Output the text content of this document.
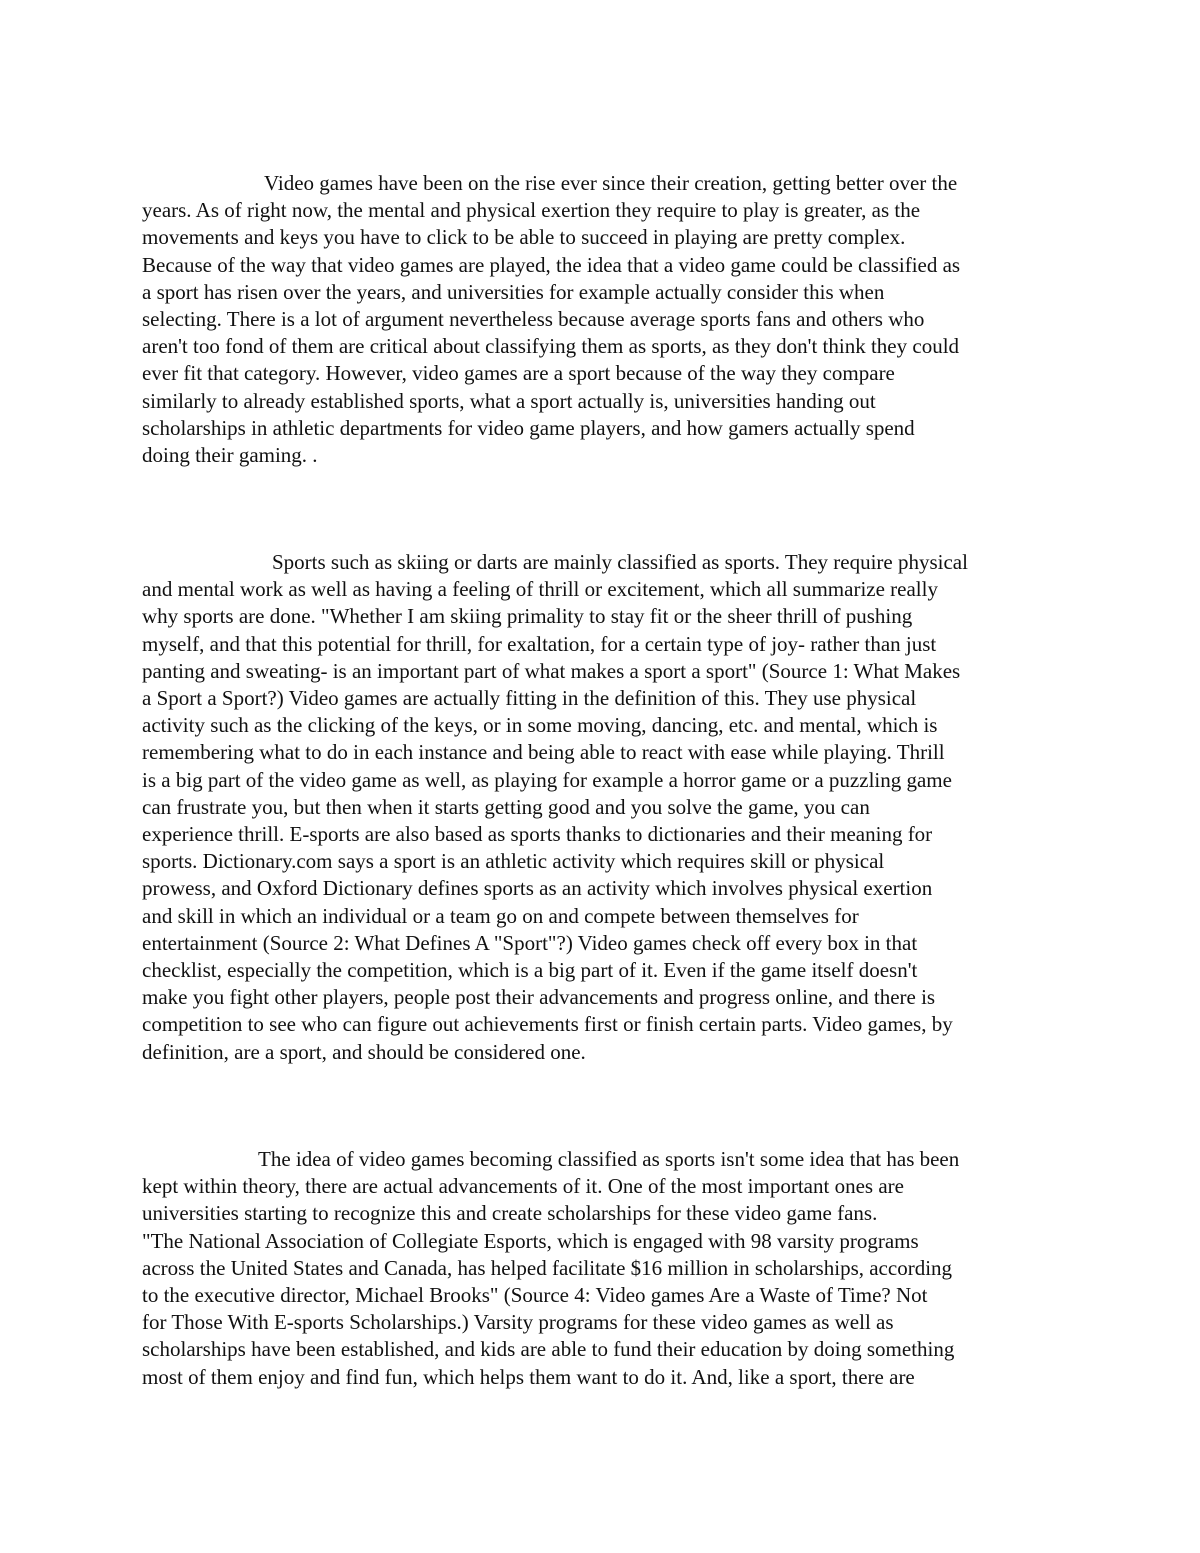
Video games have been on the rise ever since their creation, getting better over the
years. As of right now, the mental and physical exertion they require to play is greater, as the
movements and keys you have to click to be able to succeed in playing are pretty complex.
Because of the way that video games are played, the idea that a video game could be classified as
a sport has risen over the years, and universities for example actually consider this when
selecting. There is a lot of argument nevertheless because average sports fans and others who
aren't too fond of them are critical about classifying them as sports, as they don't think they could
ever fit that category. However, video games are a sport because of the way they compare
similarly to already established sports, what a sport actually is, universities handing out
scholarships in athletic departments for video game players, and how gamers actually spend
doing their gaming. .
Sports such as skiing or darts are mainly classified as sports. They require physical
and mental work as well as having a feeling of thrill or excitement, which all summarize really
why sports are done. "Whether I am skiing primality to stay fit or the sheer thrill of pushing
myself, and that this potential for thrill, for exaltation, for a certain type of joy- rather than just
panting and sweating- is an important part of what makes a sport a sport" (Source 1: What Makes
a Sport a Sport?) Video games are actually fitting in the definition of this. They use physical
activity such as the clicking of the keys, or in some moving, dancing, etc. and mental, which is
remembering what to do in each instance and being able to react with ease while playing. Thrill
is a big part of the video game as well, as playing for example a horror game or a puzzling game
can frustrate you, but then when it starts getting good and you solve the game, you can
experience thrill. E-sports are also based as sports thanks to dictionaries and their meaning for
sports. Dictionary.com says a sport is an athletic activity which requires skill or physical
prowess, and Oxford Dictionary defines sports as an activity which involves physical exertion
and skill in which an individual or a team go on and compete between themselves for
entertainment (Source 2: What Defines A "Sport"?) Video games check off every box in that
checklist, especially the competition, which is a big part of it. Even if the game itself doesn't
make you fight other players, people post their advancements and progress online, and there is
competition to see who can figure out achievements first or finish certain parts. Video games, by
definition, are a sport, and should be considered one.
The idea of video games becoming classified as sports isn't some idea that has been
kept within theory, there are actual advancements of it. One of the most important ones are
universities starting to recognize this and create scholarships for these video game fans.
"The National Association of Collegiate Esports, which is engaged with 98 varsity programs
across the United States and Canada, has helped facilitate $16 million in scholarships, according
to the executive director, Michael Brooks" (Source 4: Video games Are a Waste of Time? Not
for Those With E-sports Scholarships.) Varsity programs for these video games as well as
scholarships have been established, and kids are able to fund their education by doing something
most of them enjoy and find fun, which helps them want to do it. And, like a sport, there are
